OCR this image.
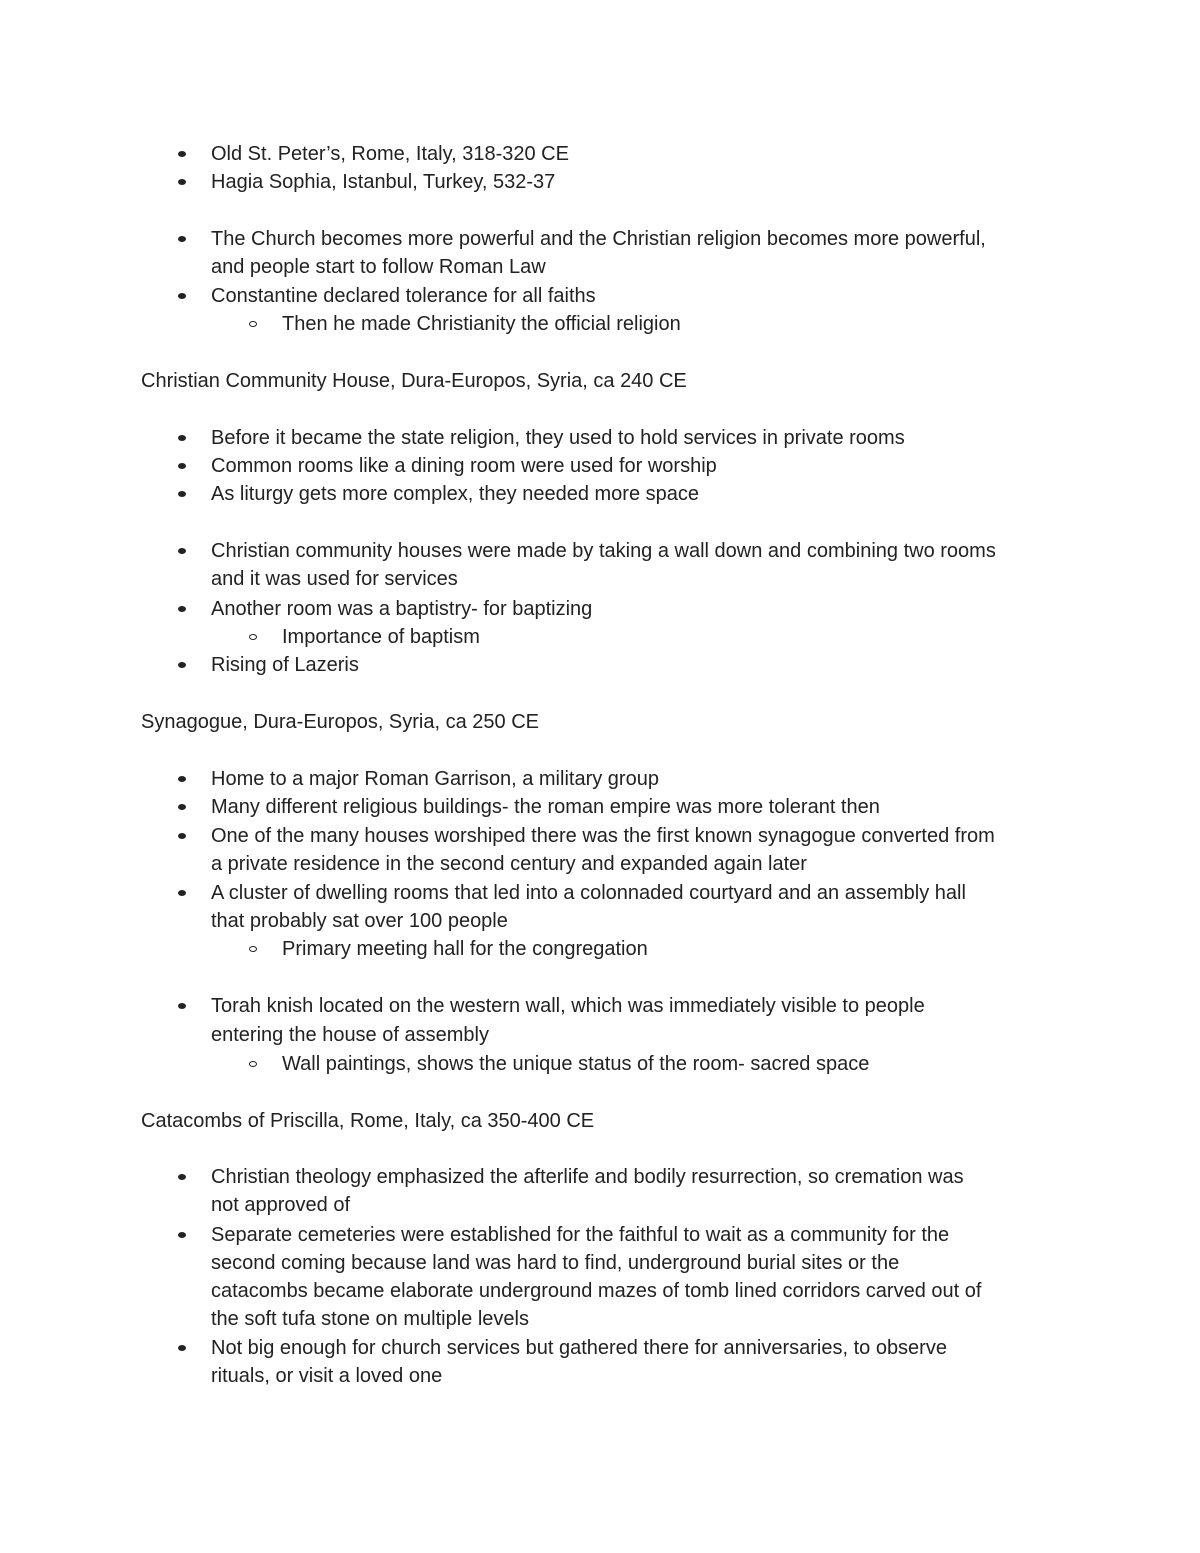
Old St. Peter’s, Rome, Italy, 318-320 CE
Hagia Sophia, Istanbul, Turkey, 532-37
The Church becomes more powerful and the Christian religion becomes more powerful,
and people start to follow Roman Law
Constantine declared tolerance for all faiths
Then he made Christianity the official religion
Christian Community House, Dura-Europos, Syria, ca 240 CE
Before it became the state religion, they used to hold services in private rooms
Common rooms like a dining room were used for worship
As liturgy gets more complex, they needed more space
Christian community houses were made by taking a wall down and combining two rooms
and it was used for services
Another room was a baptistry- for baptizing
Importance of baptism
Rising of Lazeris
Synagogue, Dura-Europos, Syria, ca 250 CE
Home to a major Roman Garrison, a military group
Many different religious buildings- the roman empire was more tolerant then
One of the many houses worshiped there was the first known synagogue converted from
a private residence in the second century and expanded again later
A cluster of dwelling rooms that led into a colonnaded courtyard and an assembly hall
that probably sat over 100 people
Primary meeting hall for the congregation
Torah knish located on the western wall, which was immediately visible to people
entering the house of assembly
Wall paintings, shows the unique status of the room- sacred space
Catacombs of Priscilla, Rome, Italy, ca 350-400 CE
Christian theology emphasized the afterlife and bodily resurrection, so cremation was
not approved of
Separate cemeteries were established for the faithful to wait as a community for the
second coming because land was hard to find, underground burial sites or the
catacombs became elaborate underground mazes of tomb lined corridors carved out of
the soft tufa stone on multiple levels
Not big enough for church services but gathered there for anniversaries, to observe
rituals, or visit a loved one
